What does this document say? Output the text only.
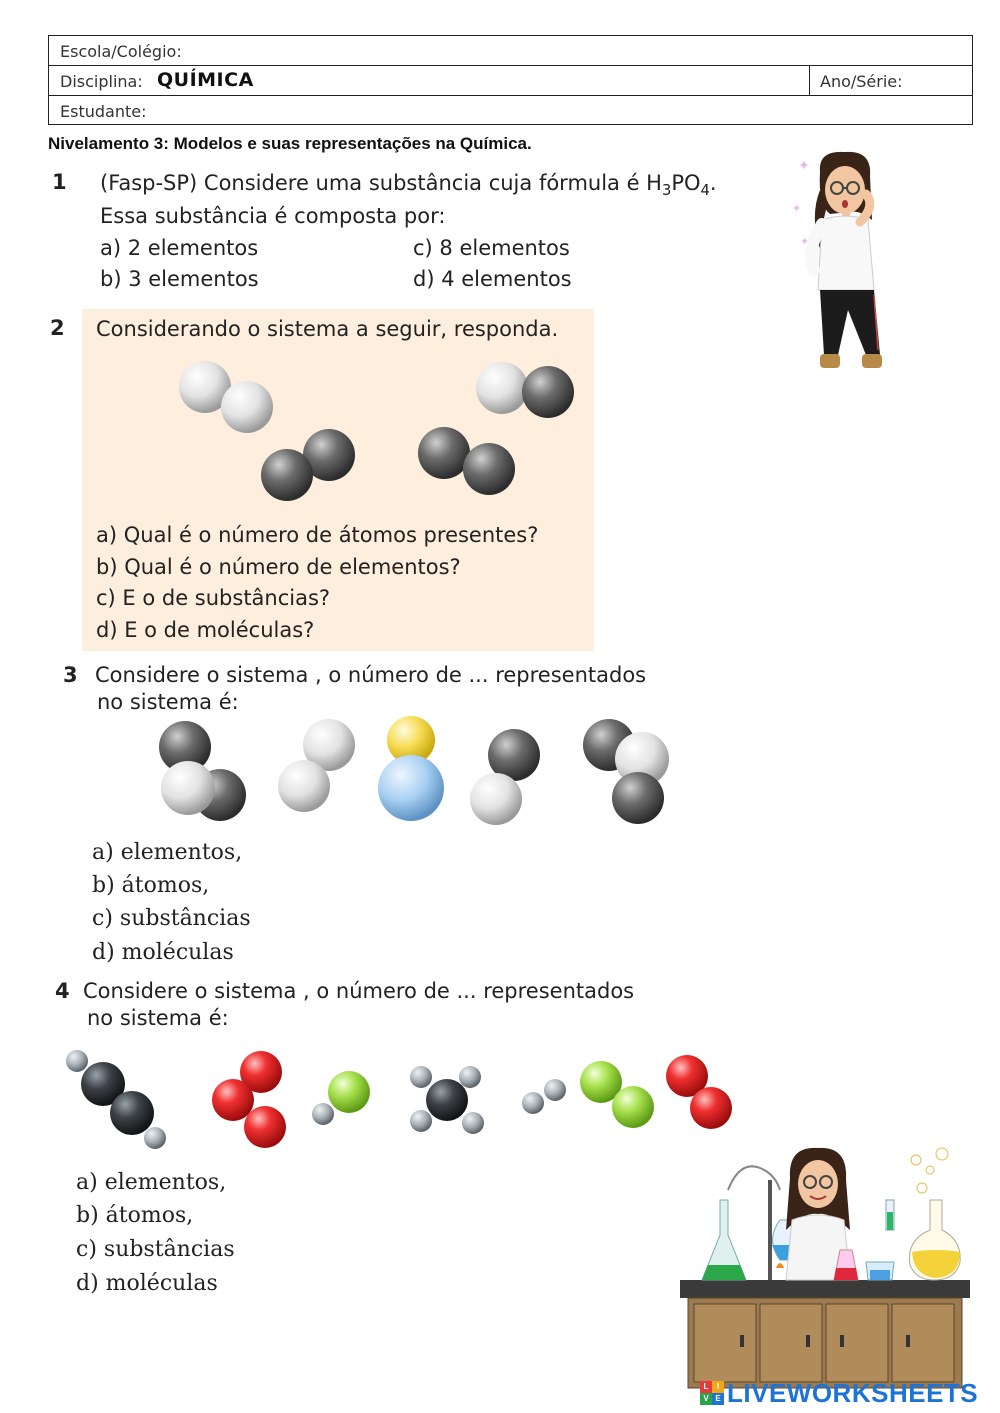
Escola/Colégio:
Disciplina: QUÍMICA	Ano/Série:
Estudante:
Nivelamento 3: Modelos e suas representações na Química.
1 (Fasp-SP) Considere uma substância cuja fórmula é $H_3PO_4$.
Essa substância é composta por:
a) 2 elementos
b) 3 elementos
c) 8 elementos
d) 4 elementos
✦
✦
✦
2 Considerando o sistema a seguir, responda.
a) Qual é o número de átomos presentes?
b) Qual é o número de elementos?
c) E o de substâncias?
d) E o de moléculas?
3 Considere o sistema , o número de ... representados
no sistema é:
a) elementos,
b) átomos,
c) substâncias
d) moléculas
4 Considere o sistema , o número de ... representados
no sistema é:
a) elementos,
b) átomos,
c) substâncias
d) moléculas
L	I
V E LIVEWORKSHEETS
